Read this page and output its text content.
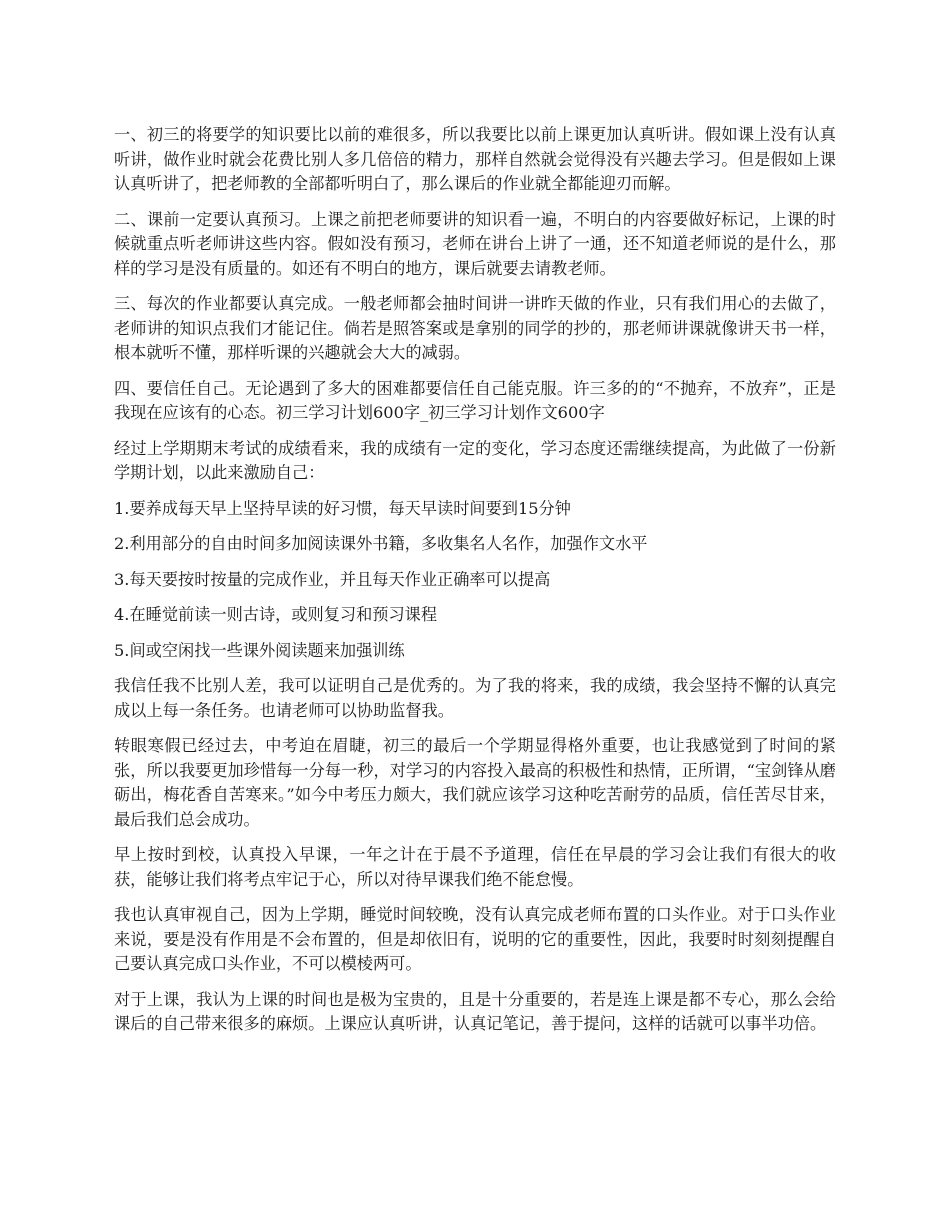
一、初三的将要学的知识要比以前的难很多，所以我要比以前上课更加认真听讲。假如课上没有认真听讲，做作业时就会花费比别人多几倍倍的精力，那样自然就会觉得没有兴趣去学习。但是假如上课认真听讲了，把老师教的全部都听明白了，那么课后的作业就全都能迎刃而解。

二、课前一定要认真预习。上课之前把老师要讲的知识看一遍，不明白的内容要做好标记，上课的时候就重点听老师讲这些内容。假如没有预习，老师在讲台上讲了一通，还不知道老师说的是什么，那样的学习是没有质量的。如还有不明白的地方，课后就要去请教老师。

三、每次的作业都要认真完成。一般老师都会抽时间讲一讲昨天做的作业，只有我们用心的去做了，老师讲的知识点我们才能记住。倘若是照答案或是拿别的同学的抄的，那老师讲课就像讲天书一样，根本就听不懂，那样听课的兴趣就会大大的减弱。

四、要信任自己。无论遇到了多大的困难都要信任自己能克服。许三多的的“不抛弃，不放弃”，正是我现在应该有的心态。初三学习计划600字_初三学习计划作文600字

经过上学期期末考试的成绩看来，我的成绩有一定的变化，学习态度还需继续提高，为此做了一份新学期计划，以此来激励自己：

1.要养成每天早上坚持早读的好习惯，每天早读时间要到15分钟

2.利用部分的自由时间多加阅读课外书籍，多收集名人名作，加强作文水平

3.每天要按时按量的完成作业，并且每天作业正确率可以提高

4.在睡觉前读一则古诗，或则复习和预习课程

5.间或空闲找一些课外阅读题来加强训练

我信任我不比别人差，我可以证明自己是优秀的。为了我的将来，我的成绩，我会坚持不懈的认真完成以上每一条任务。也请老师可以协助监督我。

转眼寒假已经过去，中考迫在眉睫，初三的最后一个学期显得格外重要，也让我感觉到了时间的紧张，所以我要更加珍惜每一分每一秒，对学习的内容投入最高的积极性和热情，正所谓，“宝剑锋从磨砺出，梅花香自苦寒来。”如今中考压力颇大，我们就应该学习这种吃苦耐劳的品质，信任苦尽甘来，最后我们总会成功。

早上按时到校，认真投入早课，一年之计在于晨不予道理，信任在早晨的学习会让我们有很大的收获，能够让我们将考点牢记于心，所以对待早课我们绝不能怠慢。

我也认真审视自己，因为上学期，睡觉时间较晚，没有认真完成老师布置的口头作业。对于口头作业来说，要是没有作用是不会布置的，但是却依旧有，说明的它的重要性，因此，我要时时刻刻提醒自己要认真完成口头作业，不可以模棱两可。

对于上课，我认为上课的时间也是极为宝贵的，且是十分重要的，若是连上课是都不专心，那么会给课后的自己带来很多的麻烦。上课应认真听讲，认真记笔记，善于提问，这样的话就可以事半功倍。
